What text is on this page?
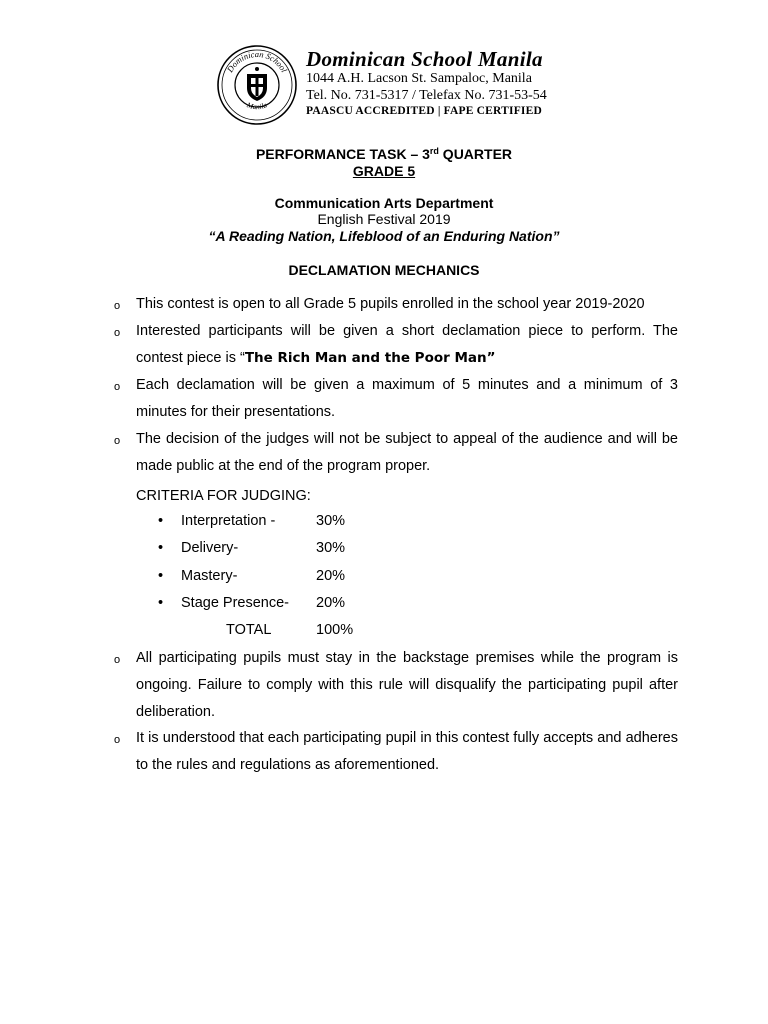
Dominican School
Manila
Dominican School Manila
1044 A.H. Lacson St. Sampaloc, Manila
Tel. No. 731-5317 / Telefax No. 731-53-54
PAASCU ACCREDITED | FAPE CERTIFIED
PERFORMANCE TASK – 3rd QUARTER
GRADE 5
Communication Arts Department
English Festival 2019
“A Reading Nation, Lifeblood of an Enduring Nation”
DECLAMATION MECHANICS
o This contest is open to all Grade 5 pupils enrolled in the school year 2019-2020
o Interested participants will be given a short declamation piece to perform. The contest piece is “The Rich Man and the Poor Man”
o Each declamation will be given a maximum of 5 minutes and a minimum of 3 minutes for their presentations.
o The decision of the judges will not be subject to appeal of the audience and will be made public at the end of the program proper.
CRITERIA FOR JUDGING:
• Interpretation -	30%
• Delivery-	30%
• Mastery-	20%
• Stage Presence- 20%
TOTAL	100%
o All participating pupils must stay in the backstage premises while the program is ongoing. Failure to comply with this rule will disqualify the participating pupil after deliberation.
o It is understood that each participating pupil in this contest fully accepts and adheres to the rules and regulations as aforementioned.
